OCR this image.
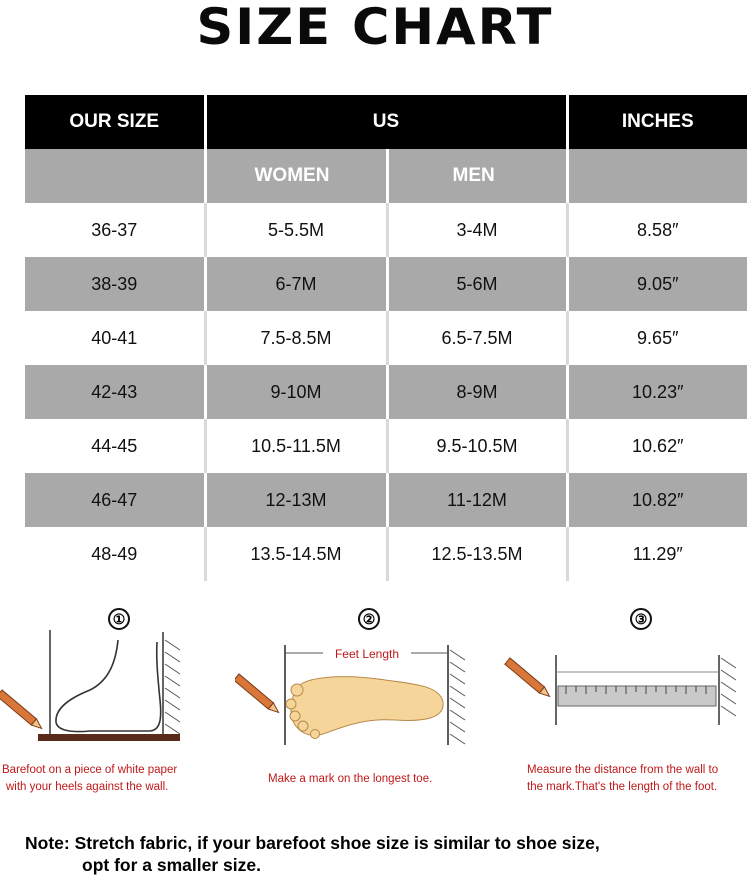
SIZE CHART
OUR SIZE	US		INCHES
	WOMEN	MEN	
36-37	5-5.5M	3-4M	8.58″
38-39	6-7M	5-6M	9.05″
40-41	7.5-8.5M	6.5-7.5M	9.65″
42-43	9-10M	8-9M	10.23″
44-45	10.5-11.5M	9.5-10.5M	10.62″
46-47	12-13M	11-12M	10.82″
48-49	13.5-14.5M	12.5-13.5M	11.29″
①
Barefoot on a piece of white paper
with your heels against the wall.
②
Feet Length
Make a mark on the longest toe.
③
Measure the distance from the wall to
the mark.That's the length of the foot.
Note: Stretch fabric, if your barefoot shoe size is similar to shoe size,
opt for a smaller size.
